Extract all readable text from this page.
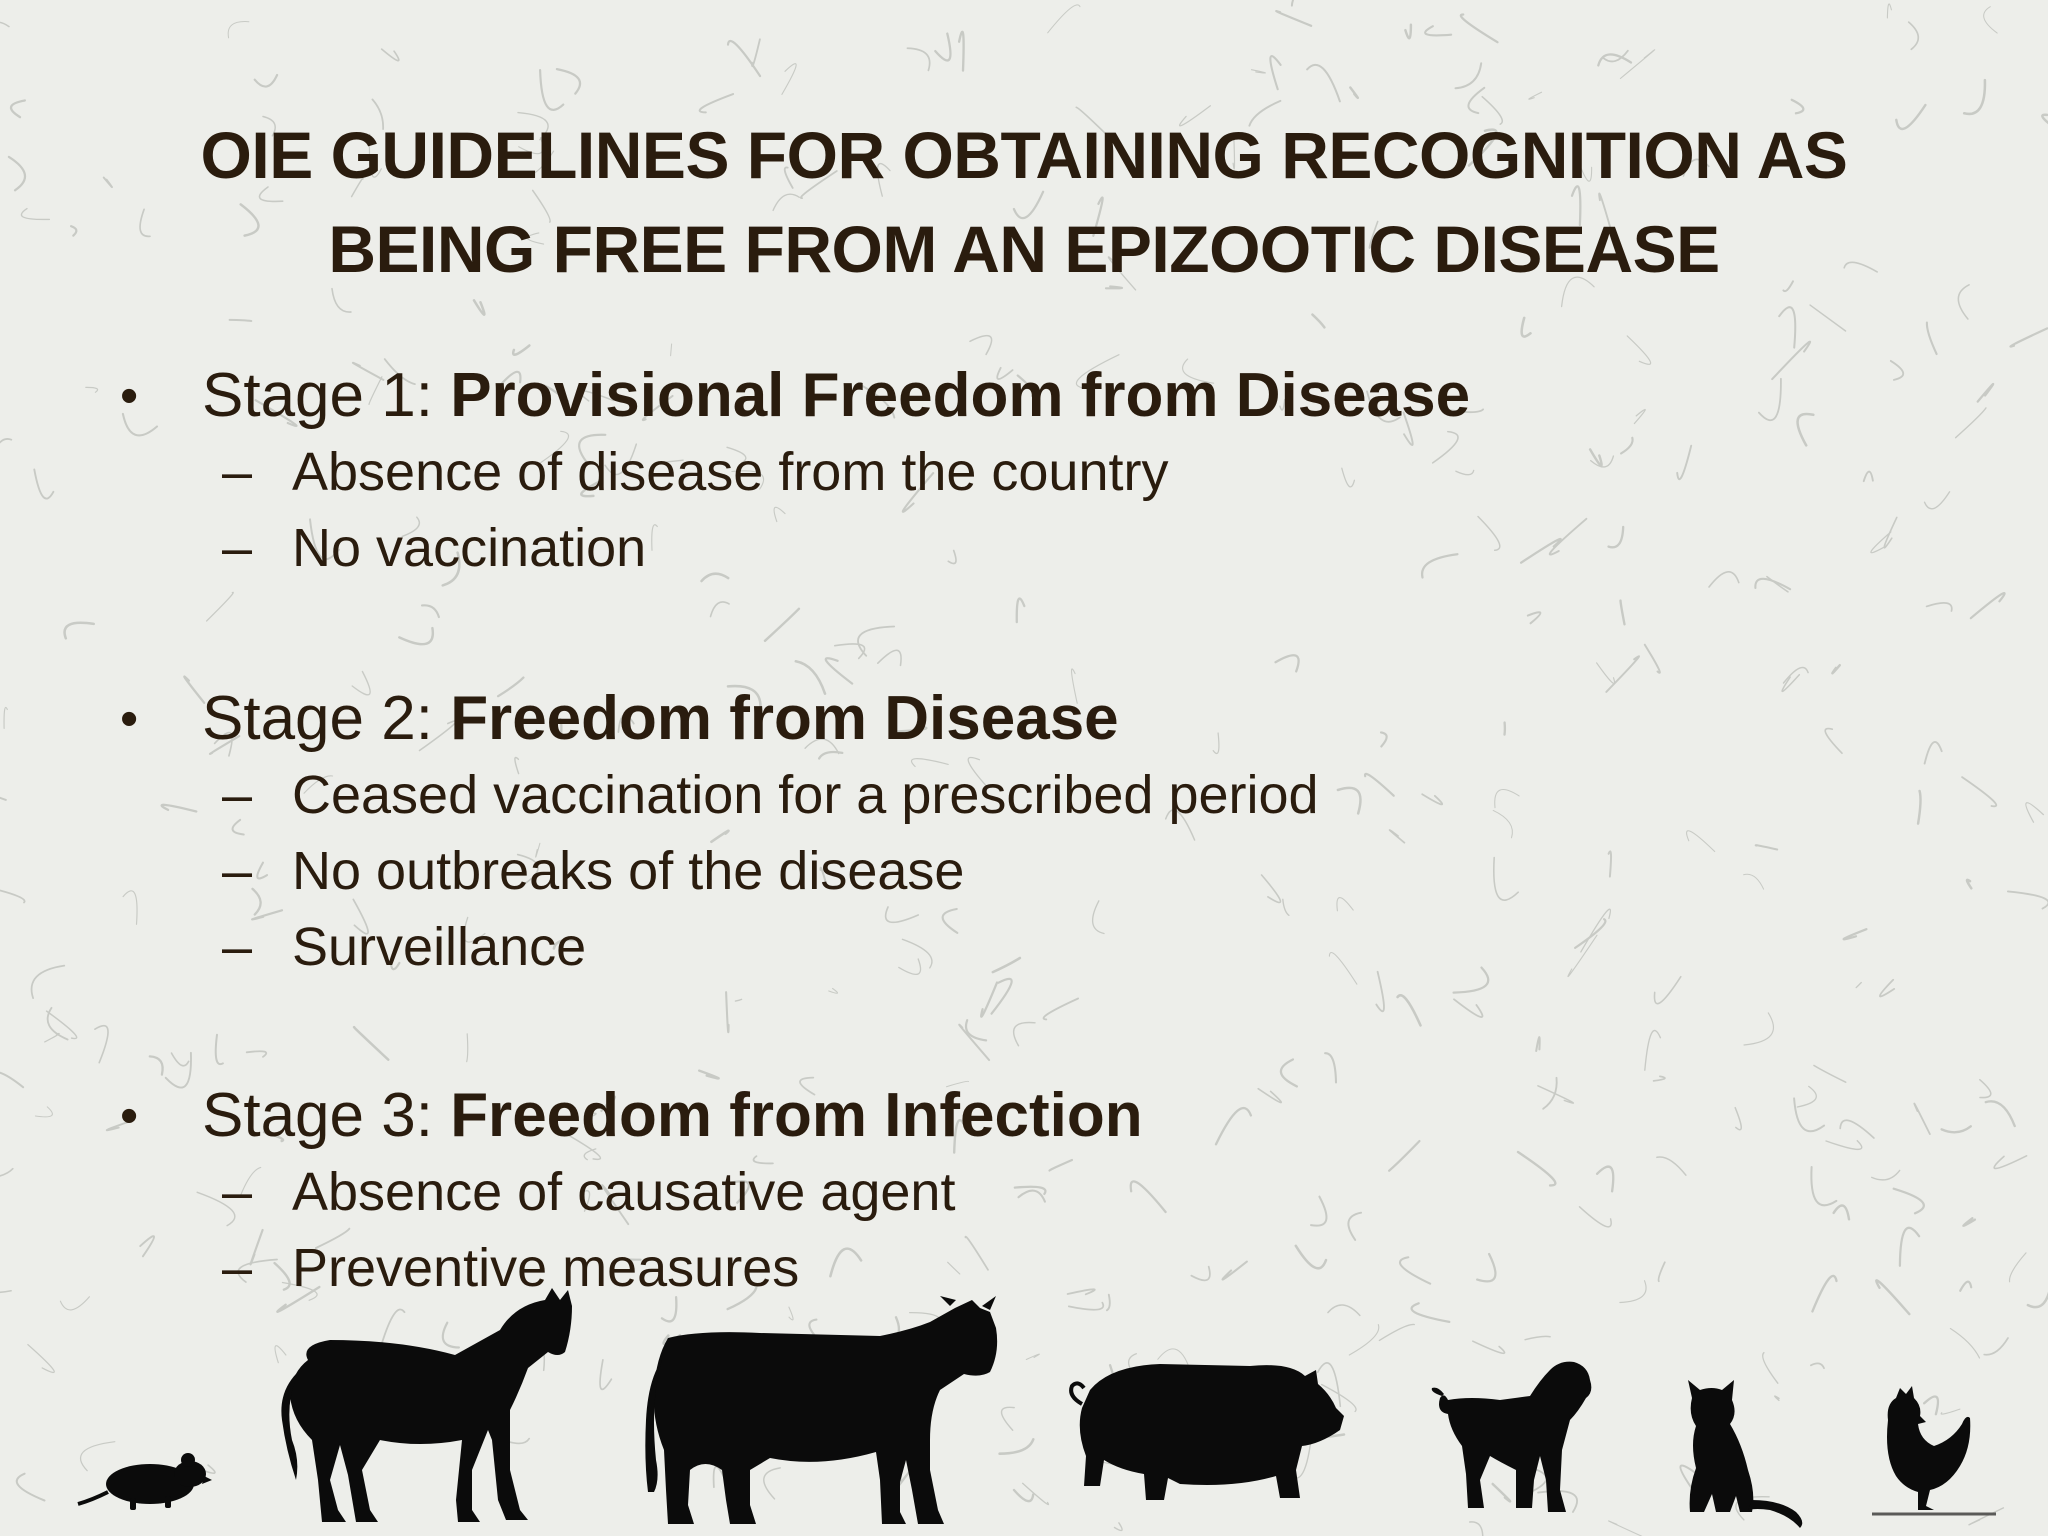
OIE GUIDELINES FOR OBTAINING RECOGNITION AS
BEING FREE FROM AN EPIZOOTIC DISEASE
•	Stage 1: Provisional Freedom from Disease
– Absence of disease from the country
– No vaccination
•	Stage 2: Freedom from Disease
– Ceased vaccination for a prescribed period
– No outbreaks of the disease
– Surveillance
•	Stage 3: Freedom from Infection
– Absence of causative agent
– Preventive measures
